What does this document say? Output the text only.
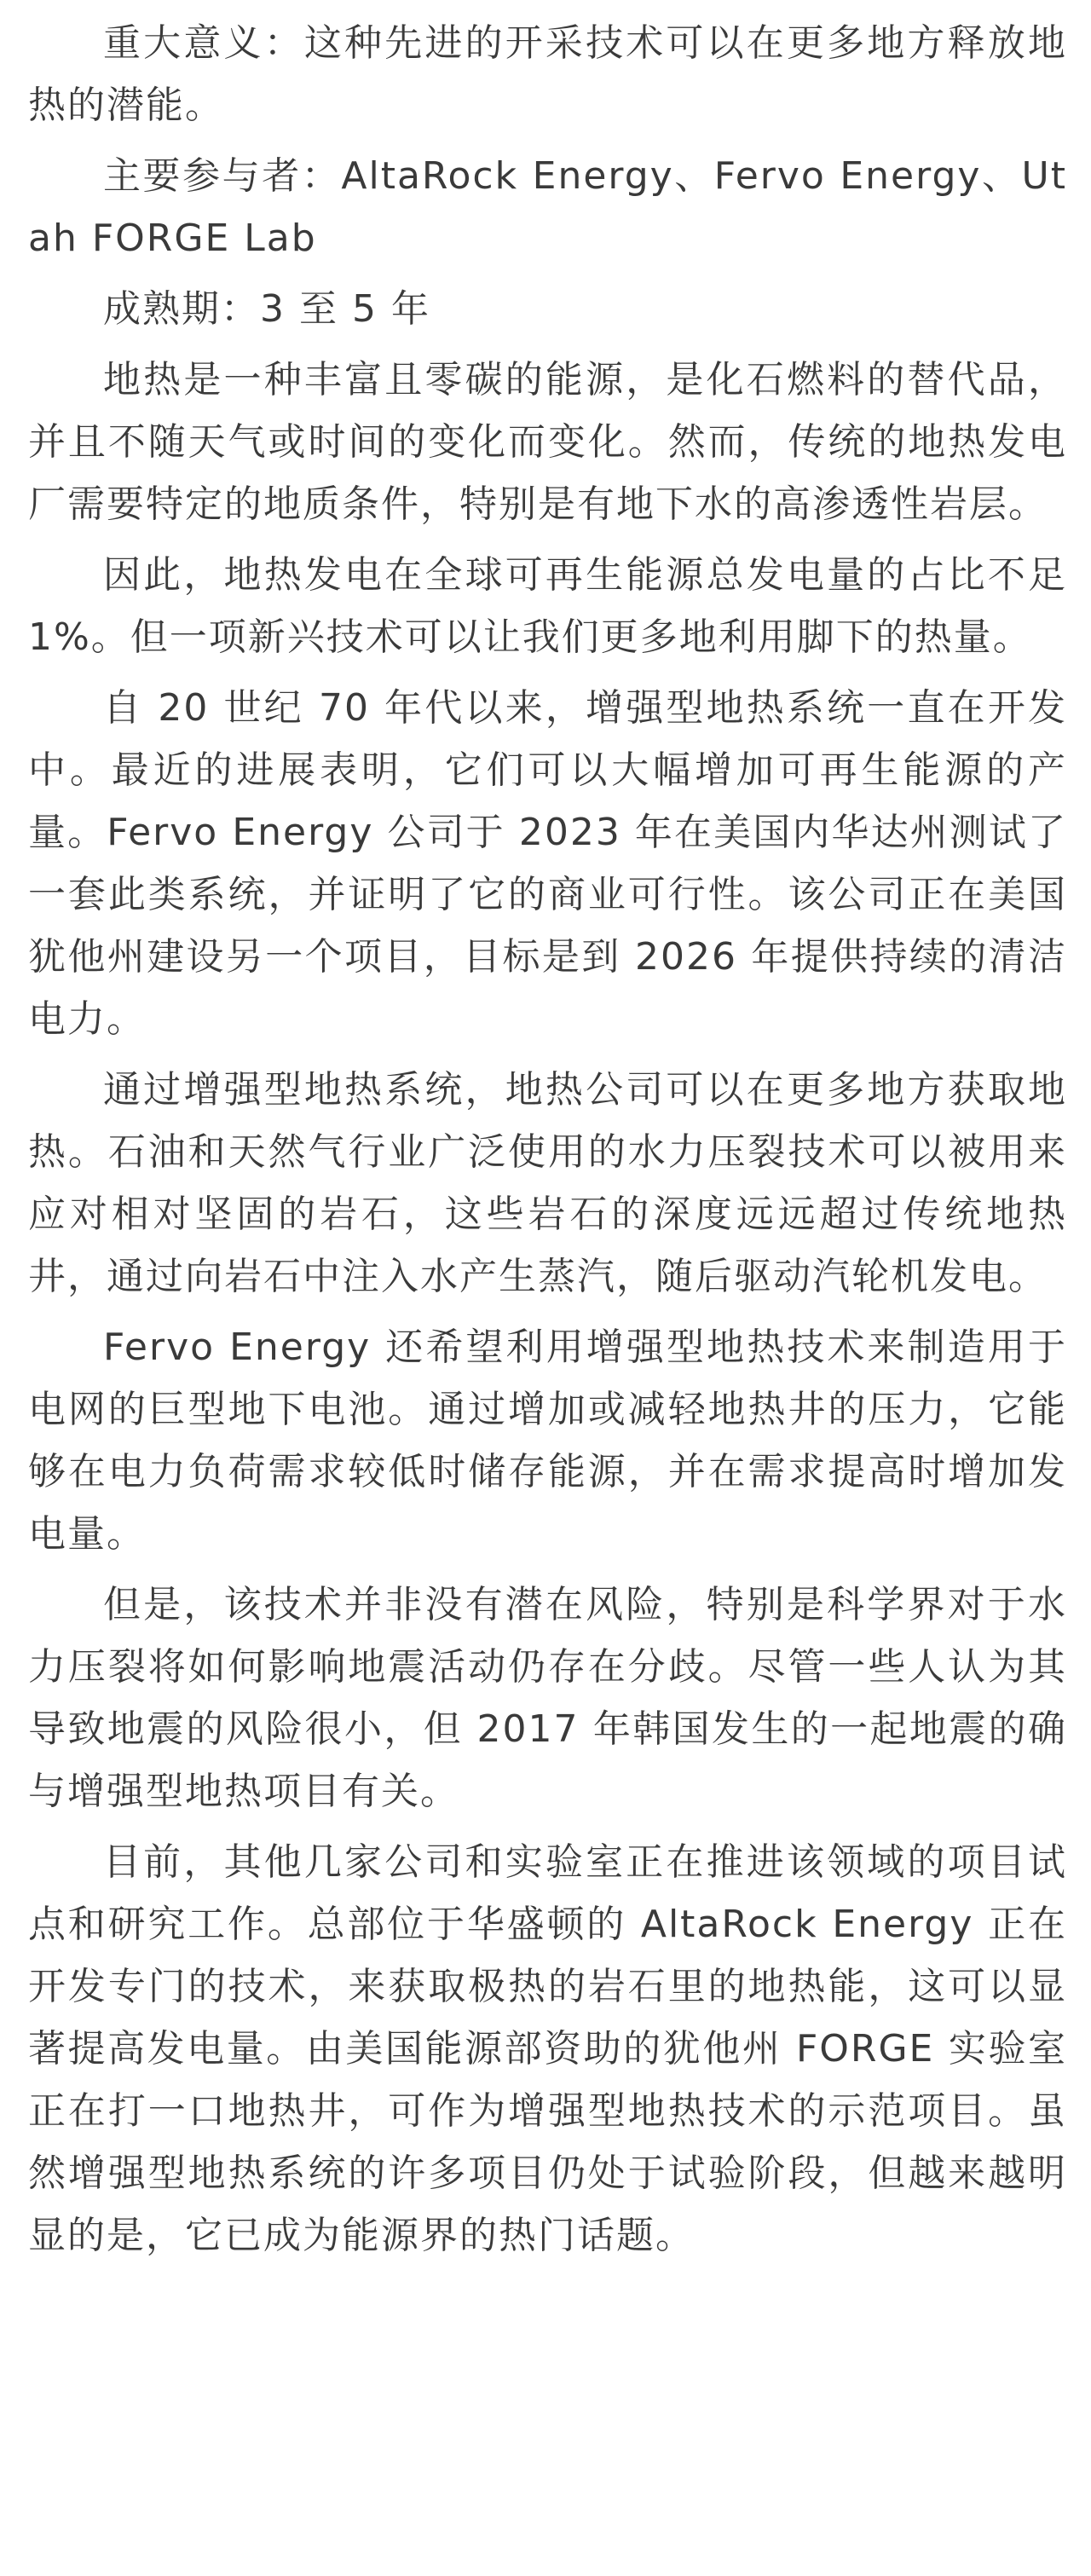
重大意义：这种先进的开采技术可以在更多地方释放地热的潜能。

主要参与者：AltaRock Energy、Fervo Energy、Utah FORGE Lab

成熟期：3 至 5 年

地热是一种丰富且零碳的能源，是化石燃料的替代品，并且不随天气或时间的变化而变化。然而，传统的地热发电厂需要特定的地质条件，特别是有地下水的高渗透性岩层。

因此，地热发电在全球可再生能源总发电量的占比不足 1%。但一项新兴技术可以让我们更多地利用脚下的热量。

自 20 世纪 70 年代以来，增强型地热系统一直在开发中。最近的进展表明，它们可以大幅增加可再生能源的产量。Fervo Energy 公司于 2023 年在美国内华达州测试了一套此类系统，并证明了它的商业可行性。该公司正在美国犹他州建设另一个项目，目标是到 2026 年提供持续的清洁电力。

通过增强型地热系统，地热公司可以在更多地方获取地热。石油和天然气行业广泛使用的水力压裂技术可以被用来应对相对坚固的岩石，这些岩石的深度远远超过传统地热井，通过向岩石中注入水产生蒸汽，随后驱动汽轮机发电。

Fervo Energy 还希望利用增强型地热技术来制造用于电网的巨型地下电池。通过增加或减轻地热井的压力，它能够在电力负荷需求较低时储存能源，并在需求提高时增加发电量。

但是，该技术并非没有潜在风险，特别是科学界对于水力压裂将如何影响地震活动仍存在分歧。尽管一些人认为其导致地震的风险很小，但 2017 年韩国发生的一起地震的确与增强型地热项目有关。

目前，其他几家公司和实验室正在推进该领域的项目试点和研究工作。总部位于华盛顿的 AltaRock Energy 正在开发专门的技术，来获取极热的岩石里的地热能，这可以显著提高发电量。由美国能源部资助的犹他州 FORGE 实验室正在打一口地热井，可作为增强型地热技术的示范项目。虽然增强型地热系统的许多项目仍处于试验阶段，但越来越明显的是，它已成为能源界的热门话题。
